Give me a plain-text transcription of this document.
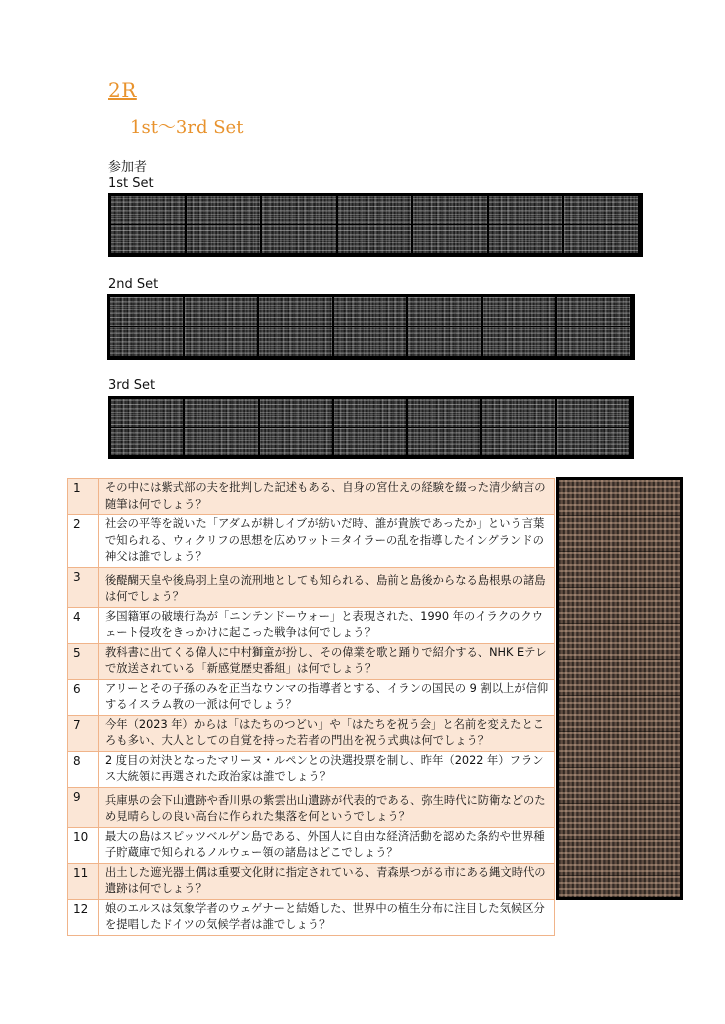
2R
1st～3rd Set
参加者
1st Set
2nd Set
3rd Set
1	その中には紫式部の夫を批判した記述もある、自身の宮仕えの経験を綴った清少納言の随筆は何でしょう？
2	社会の平等を説いた「アダムが耕しイブが紡いだ時、誰が貴族であったか」という言葉で知られる、ウィクリフの思想を広めワット＝タイラーの乱を指導したイングランドの神父は誰でしょう？
3	後醍醐天皇や後鳥羽上皇の流刑地としても知られる、島前と島後からなる島根県の諸島は何でしょう？
4	多国籍軍の破壊行為が「ニンテンドーウォー」と表現された、1990 年のイラクのクウェート侵攻をきっかけに起こった戦争は何でしょう？
5	教科書に出てくる偉人に中村獅童が扮し、その偉業を歌と踊りで紹介する、NHK Eテレで放送されている「新感覚歴史番組」は何でしょう？
6	アリーとその子孫のみを正当なウンマの指導者とする、イランの国民の 9 割以上が信仰するイスラム教の一派は何でしょう？
7	今年（2023 年）からは「はたちのつどい」や「はたちを祝う会」と名前を変えたところも多い、大人としての自覚を持った若者の門出を祝う式典は何でしょう？
8	2 度目の対決となったマリーヌ・ルペンとの決選投票を制し、昨年（2022 年）フランス大統領に再選された政治家は誰でしょう？
9	兵庫県の会下山遺跡や香川県の紫雲出山遺跡が代表的である、弥生時代に防衛などのため見晴らしの良い高台に作られた集落を何というでしょう？
10	最大の島はスピッツベルゲン島である、外国人に自由な経済活動を認めた条約や世界種子貯蔵庫で知られるノルウェー領の諸島はどこでしょう？
11	出土した遮光器土偶は重要文化財に指定されている、青森県つがる市にある縄文時代の遺跡は何でしょう？
12	娘のエルスは気象学者のウェゲナーと結婚した、世界中の植生分布に注目した気候区分を提唱したドイツの気候学者は誰でしょう？
